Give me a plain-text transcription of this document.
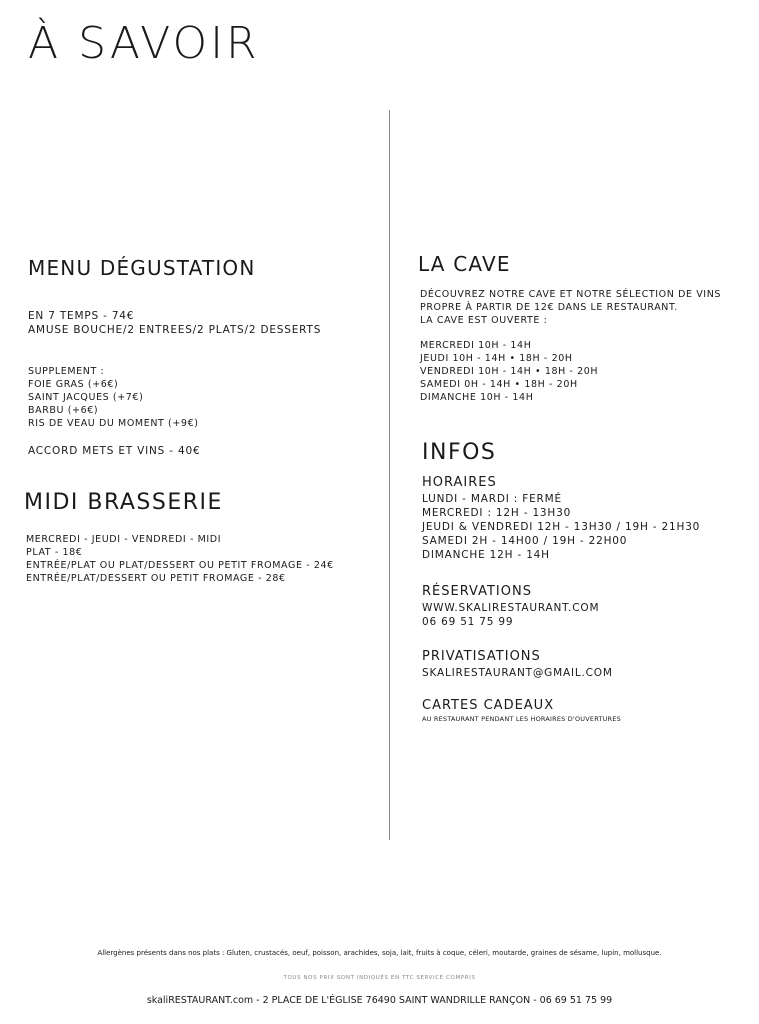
À SAVOIR
MENU DÉGUSTATION
EN 7 TEMPS - 74€
AMUSE BOUCHE/2 ENTREES/2 PLATS/2 DESSERTS
SUPPLEMENT :
FOIE GRAS (+6€)
SAINT JACQUES (+7€)
BARBU (+6€)
RIS DE VEAU DU MOMENT (+9€)
ACCORD METS ET VINS - 40€
MIDI BRASSERIE
MERCREDI - JEUDI - VENDREDI - MIDI
PLAT - 18€
ENTRÉE/PLAT OU PLAT/DESSERT OU PETIT FROMAGE - 24€
ENTRÉE/PLAT/DESSERT OU PETIT FROMAGE - 28€
LA CAVE
DÉCOUVREZ NOTRE CAVE ET NOTRE SÉLECTION DE VINS
PROPRE À PARTIR DE 12€ DANS LE RESTAURANT.
LA CAVE EST OUVERTE :
MERCREDI 10H - 14H
JEUDI 10H - 14H • 18H - 20H
VENDREDI 10H - 14H • 18H - 20H
SAMEDI 0H - 14H • 18H - 20H
DIMANCHE 10H - 14H
INFOS
HORAIRES
LUNDI - MARDI : FERMÉ
MERCREDI : 12H - 13H30
JEUDI & VENDREDI 12H - 13H30 / 19H - 21H30
SAMEDI 2H - 14H00 / 19H - 22H00
DIMANCHE 12H - 14H
RÉSERVATIONS
WWW.SKALIRESTAURANT.COM
06 69 51 75 99
PRIVATISATIONS
SKALIRESTAURANT@GMAIL.COM
CARTES CADEAUX
AU RESTAURANT PENDANT LES HORAIRES D'OUVERTURES
Allergènes présents dans nos plats : Gluten, crustacés, oeuf, poisson, arachides, soja, lait, fruits à coque, céleri, moutarde, graines de sésame, lupin, mollusque.
TOUS NOS PRIX SONT INDIQUÉS EN TTC SERVICE COMPRIS
skaliRESTAURANT.com - 2 PLACE DE L'ÉGLISE 76490 SAINT WANDRILLE RANÇON - 06 69 51 75 99
